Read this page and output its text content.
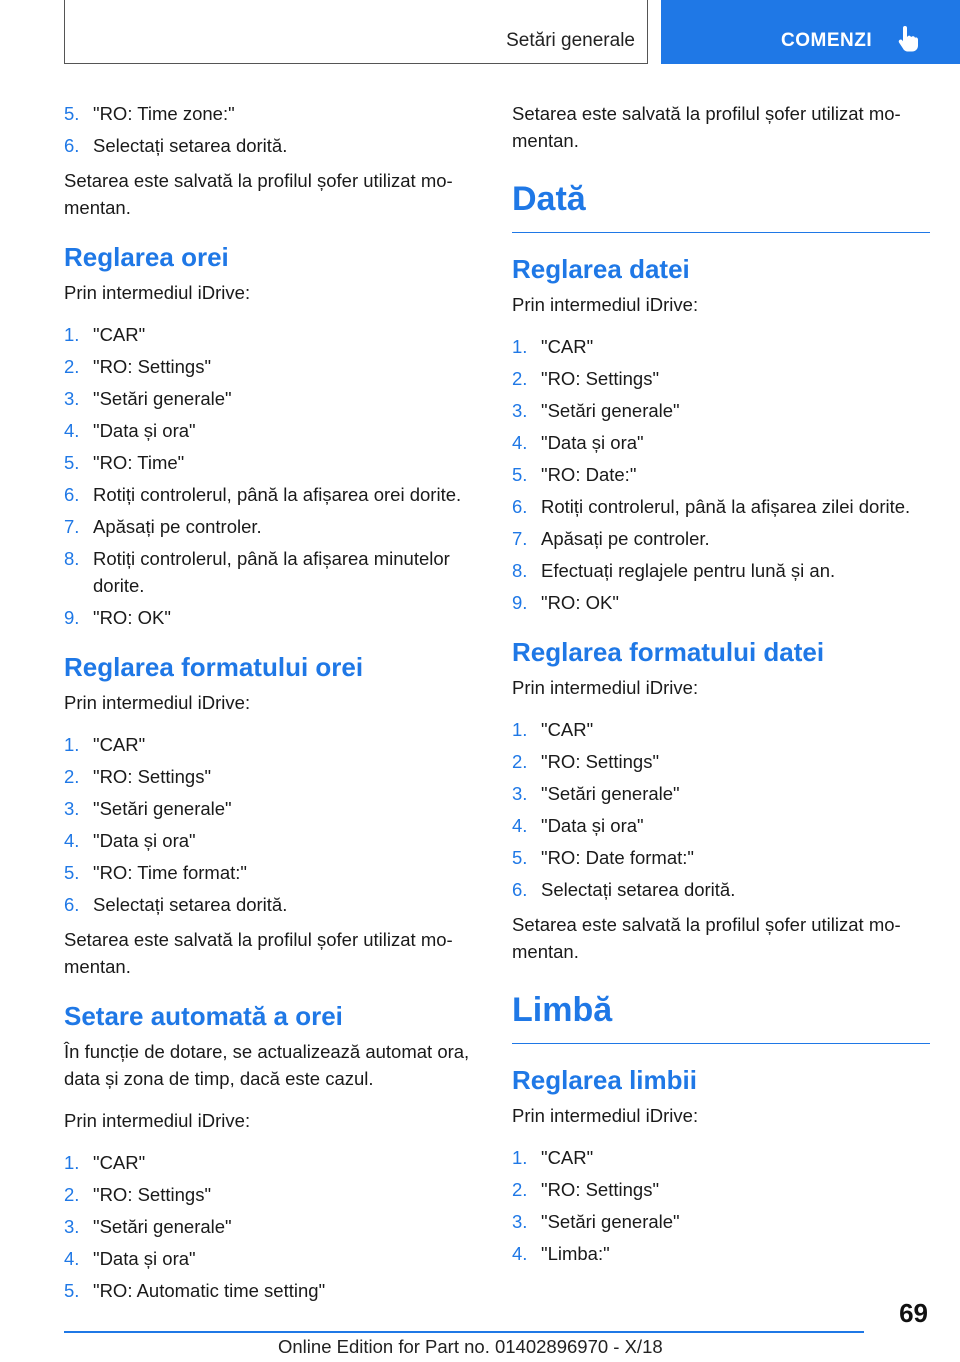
Setări generale	COMENZI
5. "RO: Time zone:"
6. Selectați setarea dorită.

Setarea este salvată la profilul șofer utilizat mo-mentan.

Reglarea orei

Prin intermediul iDrive:

1. "CAR"
2. "RO: Settings"
3. "Setări generale"
4. "Data și ora"
5. "RO: Time"
6. Rotiți controlerul, până la afișarea orei dorite.
7. Apăsați pe controler.
8. Rotiți controlerul, până la afișarea minutelor dorite.
9. "RO: OK"
Reglarea formatului orei

Prin intermediul iDrive:

1. "CAR"
2. "RO: Settings"
3. "Setări generale"
4. "Data și ora"
5. "RO: Time format:"
6. Selectați setarea dorită.

Setarea este salvată la profilul șofer utilizat mo-mentan.

Setare automată a orei

În funcție de dotare, se actualizează automat ora, data și zona de timp, dacă este cazul.

Prin intermediul iDrive:

1. "CAR"
2. "RO: Settings"
3. "Setări generale"
4. "Data și ora"
5. "RO: Automatic time setting"

Setarea este salvată la profilul șofer utilizat mo-mentan.

Dată
Reglarea datei

Prin intermediul iDrive:

1. "CAR"
2. "RO: Settings"
3. "Setări generale"
4. "Data și ora"
5. "RO: Date:"
6. Rotiți controlerul, până la afișarea zilei dorite.
7. Apăsați pe controler.
8. Efectuați reglajele pentru lună și an.
9. "RO: OK"
Reglarea formatului datei

Prin intermediul iDrive:

1. "CAR"
2. "RO: Settings"
3. "Setări generale"
4. "Data și ora"
5. "RO: Date format:"
6. Selectați setarea dorită.

Setarea este salvată la profilul șofer utilizat mo-mentan.

Limbă
Reglarea limbii

Prin intermediul iDrive:

1. "CAR"
2. "RO: Settings"
3. "Setări generale"
4. "Limba:"
69
Online Edition for Part no. 01402896970 - X/18
